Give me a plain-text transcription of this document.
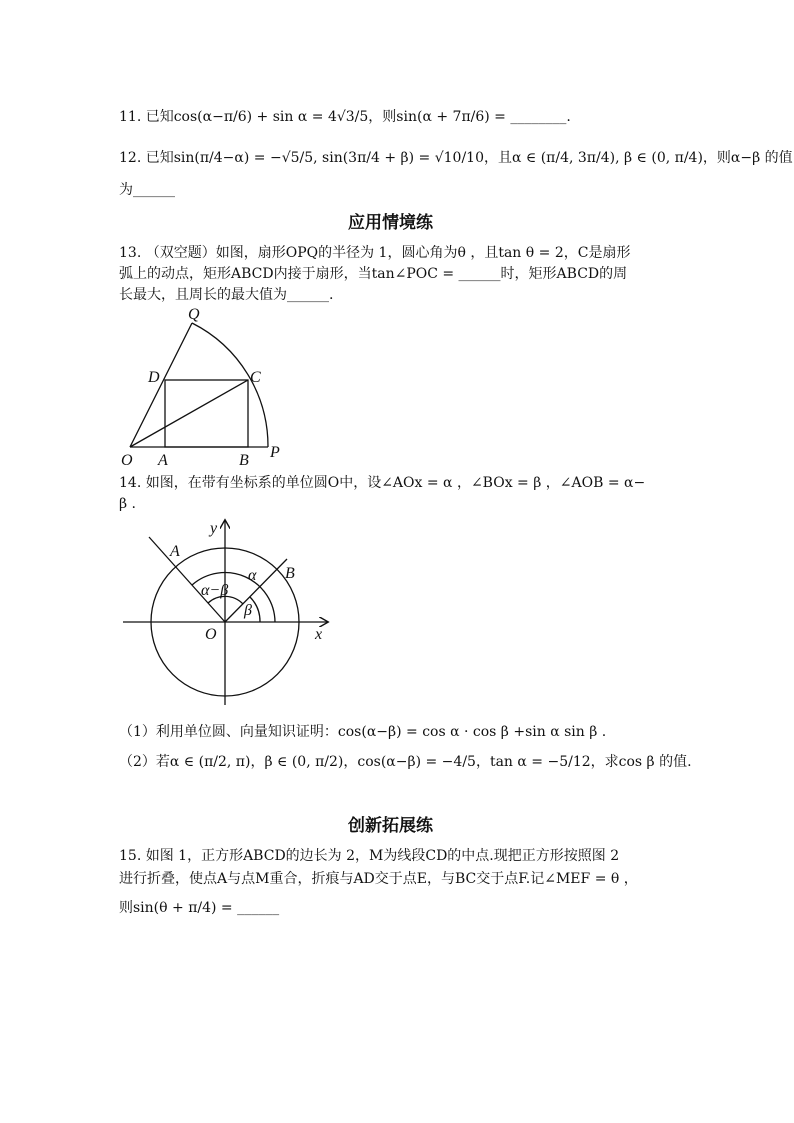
11. 已知cos(α−π/6) + sin α = 4√3/5，则sin(α + 7π/6) = ________.
12. 已知sin(π/4−α) = −√5/5, sin(3π/4 + β) = √10/10，且α ∈ (π/4, 3π/4), β ∈ (0, π/4)，则α−β 的值
为______
应用情境练
13. （双空题）如图，扇形OPQ的半径为 1，圆心角为θ ，且tan θ = 2，C是扇形
弧上的动点，矩形ABCD内接于扇形，当tan∠POC = ______时，矩形ABCD的周
长最大，且周长的最大值为______.
Q
D	C
O A	B P
14. 如图，在带有坐标系的单位圆O中，设∠AOx = α ，∠BOx = β ，∠AOB = α−
β .
y
x
O
A
B
α
β
α−β
（1）利用单位圆、向量知识证明：cos(α−β) = cos α · cos β +sin α sin β .
（2）若α ∈ (π/2, π)，β ∈ (0, π/2)，cos(α−β) = −4/5，tan α = −5/12，求cos β 的值.
创新拓展练
15. 如图 1，正方形ABCD的边长为 2，M为线段CD的中点.现把正方形按照图 2
进行折叠，使点A与点M重合，折痕与AD交于点E，与BC交于点F.记∠MEF = θ ，
则sin(θ + π/4) = ______
